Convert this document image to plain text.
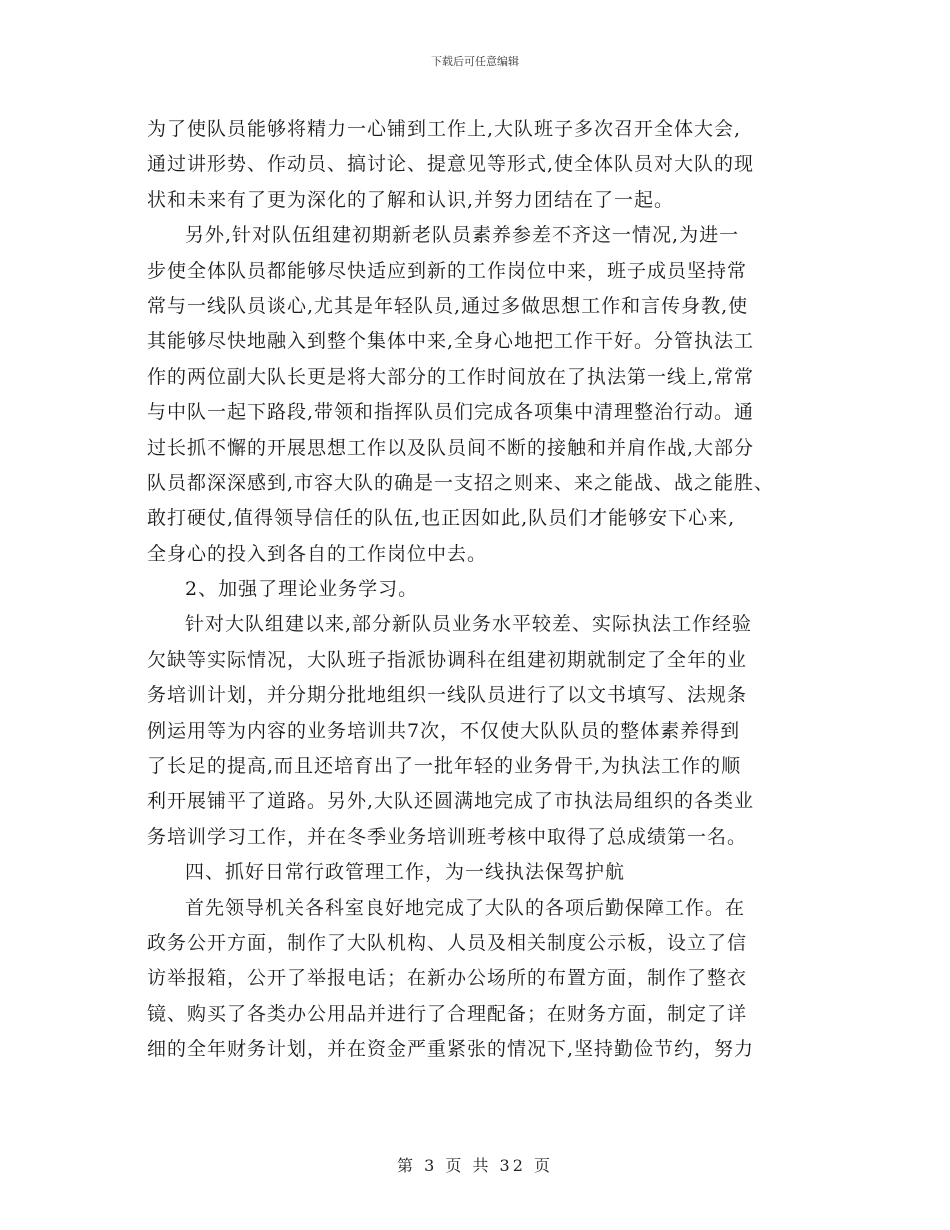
下载后可任意编辑
为了使队员能够将精力一心铺到工作上,大队班子多次召开全体大会,
通过讲形势、作动员、搞讨论、提意见等形式,使全体队员对大队的现
状和未来有了更为深化的了解和认识,并努力团结在了一起。
另外,针对队伍组建初期新老队员素养参差不齐这一情况,为进一
步使全体队员都能够尽快适应到新的工作岗位中来，班子成员坚持常
常与一线队员谈心,尤其是年轻队员,通过多做思想工作和言传身教,使
其能够尽快地融入到整个集体中来,全身心地把工作干好。分管执法工
作的两位副大队长更是将大部分的工作时间放在了执法第一线上,常常
与中队一起下路段,带领和指挥队员们完成各项集中清理整治行动。通
过长抓不懈的开展思想工作以及队员间不断的接触和并肩作战,大部分
队员都深深感到,市容大队的确是一支招之则来、来之能战、战之能胜、
敢打硬仗,值得领导信任的队伍,也正因如此,队员们才能够安下心来,
全身心的投入到各自的工作岗位中去。
2、加强了理论业务学习。
针对大队组建以来,部分新队员业务水平较差、实际执法工作经验
欠缺等实际情况，大队班子指派协调科在组建初期就制定了全年的业
务培训计划，并分期分批地组织一线队员进行了以文书填写、法规条
例运用等为内容的业务培训共7次，不仅使大队队员的整体素养得到
了长足的提高,而且还培育出了一批年轻的业务骨干,为执法工作的顺
利开展铺平了道路。另外,大队还圆满地完成了市执法局组织的各类业
务培训学习工作，并在冬季业务培训班考核中取得了总成绩第一名。
四、抓好日常行政管理工作，为一线执法保驾护航
首先领导机关各科室良好地完成了大队的各项后勤保障工作。在
政务公开方面，制作了大队机构、人员及相关制度公示板，设立了信
访举报箱，公开了举报电话；在新办公场所的布置方面，制作了整衣
镜、购买了各类办公用品并进行了合理配备；在财务方面，制定了详
细的全年财务计划，并在资金严重紧张的情况下,坚持勤俭节约，努力
第 3 页 共 32 页
